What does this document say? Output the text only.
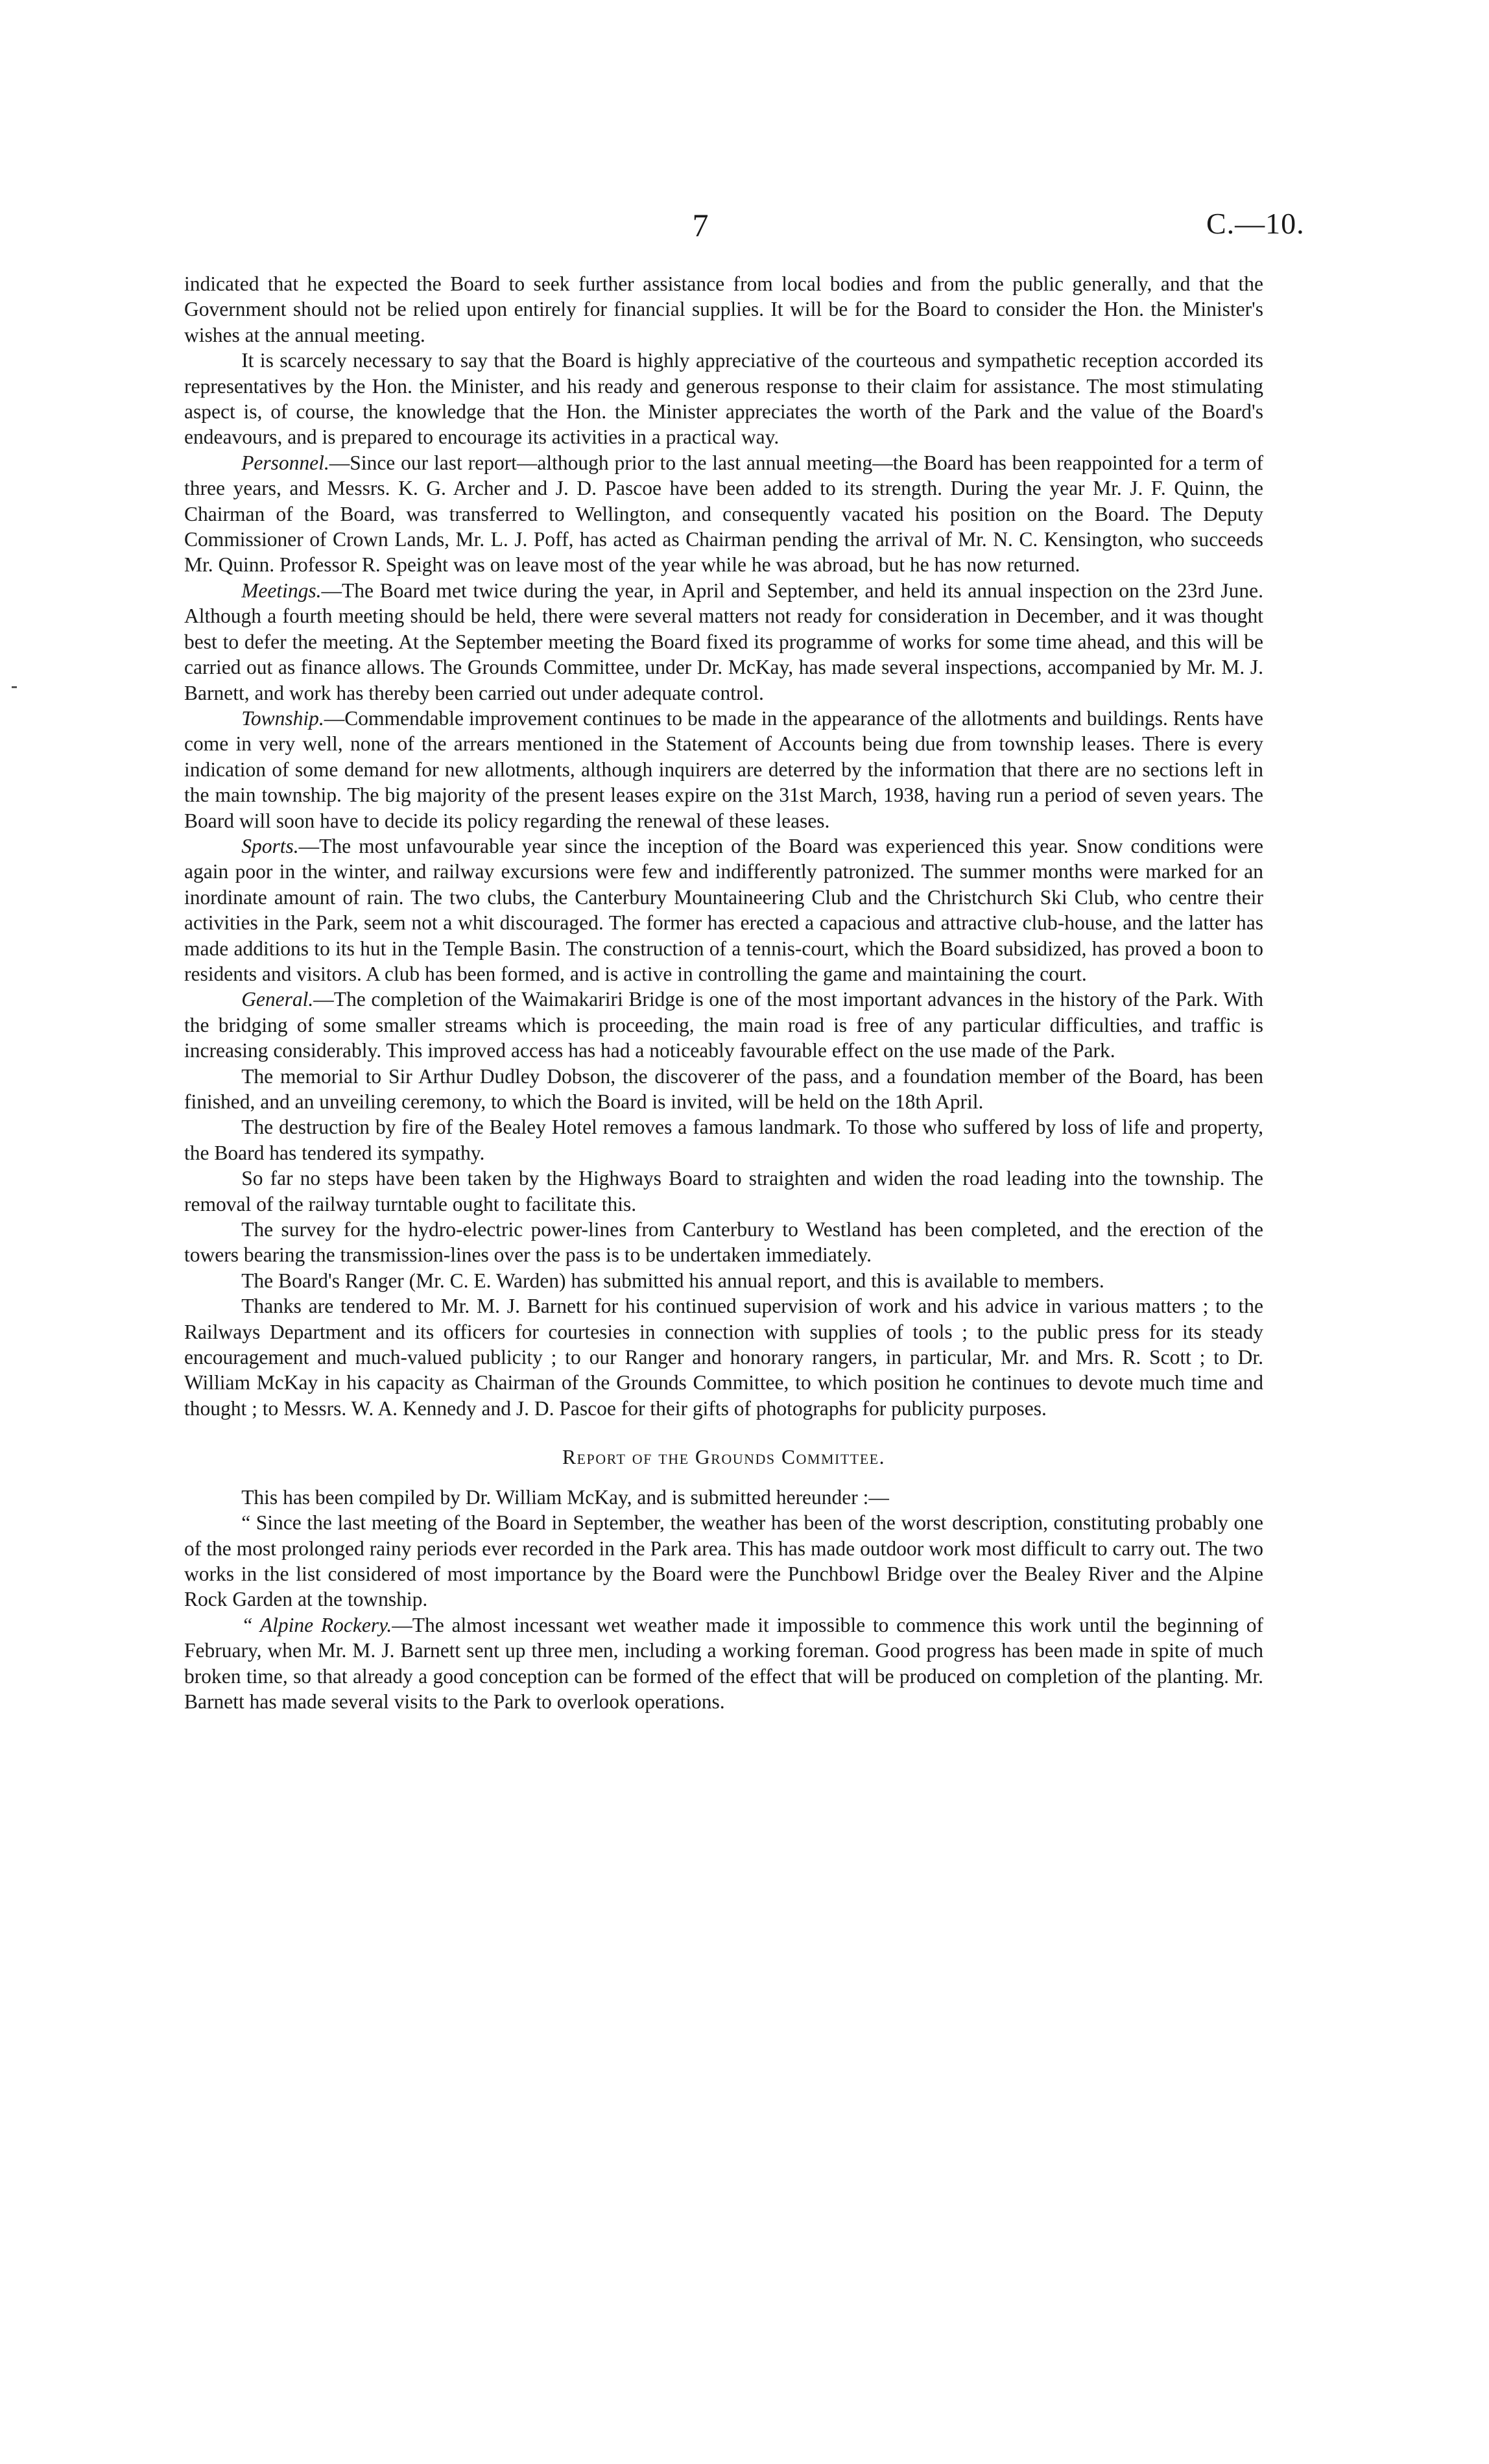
7	C.—10.

indicated that he expected the Board to seek further assistance from local bodies and from the public generally, and that the Government should not be relied upon entirely for financial supplies. It will be for the Board to consider the Hon. the Minister's wishes at the annual meeting.

It is scarcely necessary to say that the Board is highly appreciative of the courteous and sympathetic reception accorded its representatives by the Hon. the Minister, and his ready and generous response to their claim for assistance. The most stimulating aspect is, of course, the knowledge that the Hon. the Minister appreciates the worth of the Park and the value of the Board's endeavours, and is prepared to encourage its activities in a practical way.

Personnel.—Since our last report—although prior to the last annual meeting—the Board has been reappointed for a term of three years, and Messrs. K. G. Archer and J. D. Pascoe have been added to its strength. During the year Mr. J. F. Quinn, the Chairman of the Board, was transferred to Wellington, and consequently vacated his position on the Board. The Deputy Commissioner of Crown Lands, Mr. L. J. Poff, has acted as Chairman pending the arrival of Mr. N. C. Kensington, who succeeds Mr. Quinn. Professor R. Speight was on leave most of the year while he was abroad, but he has now returned.

Meetings.—The Board met twice during the year, in April and September, and held its annual inspection on the 23rd June. Although a fourth meeting should be held, there were several matters not ready for consideration in December, and it was thought best to defer the meeting. At the September meeting the Board fixed its programme of works for some time ahead, and this will be carried out as finance allows. The Grounds Committee, under Dr. McKay, has made several inspections, accompanied by Mr. M. J. Barnett, and work has thereby been carried out under adequate control.

Township.—Commendable improvement continues to be made in the appearance of the allotments and buildings. Rents have come in very well, none of the arrears mentioned in the Statement of Accounts being due from township leases. There is every indication of some demand for new allotments, although inquirers are deterred by the information that there are no sections left in the main township. The big majority of the present leases expire on the 31st March, 1938, having run a period of seven years. The Board will soon have to decide its policy regarding the renewal of these leases.

Sports.—The most unfavourable year since the inception of the Board was experienced this year. Snow conditions were again poor in the winter, and railway excursions were few and indifferently patronized. The summer months were marked for an inordinate amount of rain. The two clubs, the Canterbury Mountaineering Club and the Christchurch Ski Club, who centre their activities in the Park, seem not a whit discouraged. The former has erected a capacious and attractive club-house, and the latter has made additions to its hut in the Temple Basin. The construction of a tennis-court, which the Board subsidized, has proved a boon to residents and visitors. A club has been formed, and is active in controlling the game and maintaining the court.

General.—The completion of the Waimakariri Bridge is one of the most important advances in the history of the Park. With the bridging of some smaller streams which is proceeding, the main road is free of any particular difficulties, and traffic is increasing considerably. This improved access has had a noticeably favourable effect on the use made of the Park.

The memorial to Sir Arthur Dudley Dobson, the discoverer of the pass, and a foundation member of the Board, has been finished, and an unveiling ceremony, to which the Board is invited, will be held on the 18th April.

The destruction by fire of the Bealey Hotel removes a famous landmark. To those who suffered by loss of life and property, the Board has tendered its sympathy.

So far no steps have been taken by the Highways Board to straighten and widen the road leading into the township. The removal of the railway turntable ought to facilitate this.

The survey for the hydro-electric power-lines from Canterbury to Westland has been completed, and the erection of the towers bearing the transmission-lines over the pass is to be undertaken immediately.

The Board's Ranger (Mr. C. E. Warden) has submitted his annual report, and this is available to members.

Thanks are tendered to Mr. M. J. Barnett for his continued supervision of work and his advice in various matters ; to the Railways Department and its officers for courtesies in connection with supplies of tools ; to the public press for its steady encouragement and much-valued publicity ; to our Ranger and honorary rangers, in particular, Mr. and Mrs. R. Scott ; to Dr. William McKay in his capacity as Chairman of the Grounds Committee, to which position he continues to devote much time and thought ; to Messrs. W. A. Kennedy and J. D. Pascoe for their gifts of photographs for publicity purposes.

Report of the Grounds Committee.

This has been compiled by Dr. William McKay, and is submitted hereunder :—

“ Since the last meeting of the Board in September, the weather has been of the worst description, constituting probably one of the most prolonged rainy periods ever recorded in the Park area. This has made outdoor work most difficult to carry out. The two works in the list considered of most importance by the Board were the Punchbowl Bridge over the Bealey River and the Alpine Rock Garden at the township.

“ Alpine Rockery.—The almost incessant wet weather made it impossible to commence this work until the beginning of February, when Mr. M. J. Barnett sent up three men, including a working foreman. Good progress has been made in spite of much broken time, so that already a good conception can be formed of the effect that will be produced on completion of the planting. Mr. Barnett has made several visits to the Park to overlook operations.
